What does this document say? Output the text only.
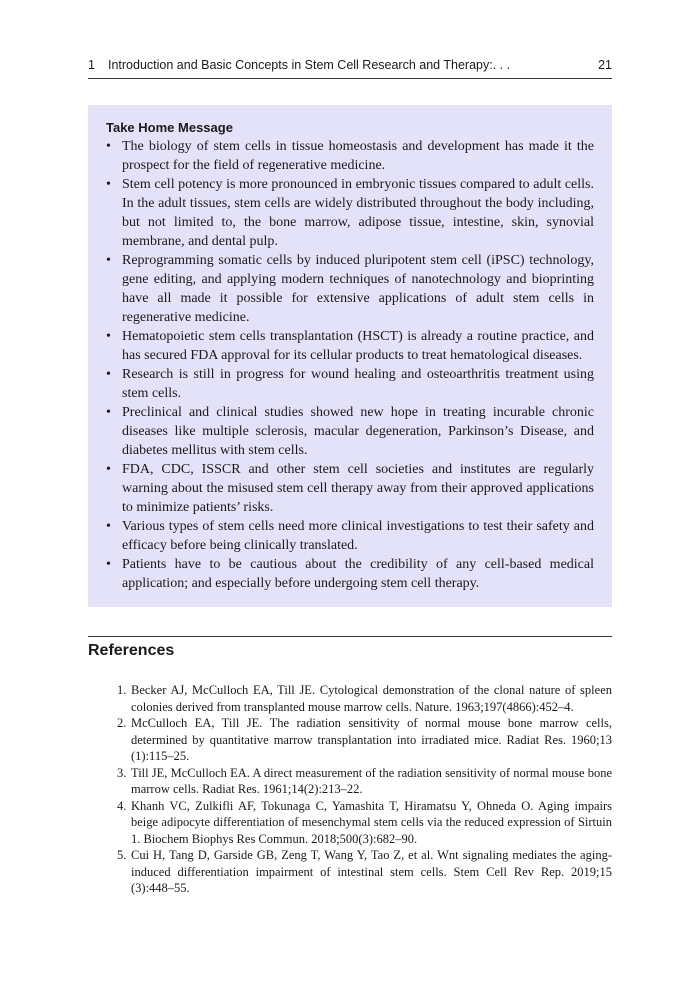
1 Introduction and Basic Concepts in Stem Cell Research and Therapy:. . .	21
Take Home Message
• The biology of stem cells in tissue homeostasis and development has made it the prospect for the field of regenerative medicine.
• Stem cell potency is more pronounced in embryonic tissues compared to adult cells. In the adult tissues, stem cells are widely distributed throughout the body including, but not limited to, the bone marrow, adipose tissue, intestine, skin, synovial membrane, and dental pulp.
• Reprogramming somatic cells by induced pluripotent stem cell (iPSC) technology, gene editing, and applying modern techniques of nanotechnology and bioprinting have all made it possible for extensive applications of adult stem cells in regenerative medicine.
• Hematopoietic stem cells transplantation (HSCT) is already a routine practice, and has secured FDA approval for its cellular products to treat hematological diseases.
• Research is still in progress for wound healing and osteoarthritis treatment using stem cells.
• Preclinical and clinical studies showed new hope in treating incurable chronic diseases like multiple sclerosis, macular degeneration, Parkinson’s Disease, and diabetes mellitus with stem cells.
• FDA, CDC, ISSCR and other stem cell societies and institutes are regularly warning about the misused stem cell therapy away from their approved applications to minimize patients’ risks.
• Various types of stem cells need more clinical investigations to test their safety and efficacy before being clinically translated.
• Patients have to be cautious about the credibility of any cell-based medical application; and especially before undergoing stem cell therapy.
References
1. Becker AJ, McCulloch EA, Till JE. Cytological demonstration of the clonal nature of spleen colonies derived from transplanted mouse marrow cells. Nature. 1963;197(4866):452–4.
2. McCulloch EA, Till JE. The radiation sensitivity of normal mouse bone marrow cells, determined by quantitative marrow transplantation into irradiated mice. Radiat Res. 1960;13 (1):115–25.
3. Till JE, McCulloch EA. A direct measurement of the radiation sensitivity of normal mouse bone marrow cells. Radiat Res. 1961;14(2):213–22.
4. Khanh VC, Zulkifli AF, Tokunaga C, Yamashita T, Hiramatsu Y, Ohneda O. Aging impairs beige adipocyte differentiation of mesenchymal stem cells via the reduced expression of Sirtuin 1. Biochem Biophys Res Commun. 2018;500(3):682–90.
5. Cui H, Tang D, Garside GB, Zeng T, Wang Y, Tao Z, et al. Wnt signaling mediates the aging-induced differentiation impairment of intestinal stem cells. Stem Cell Rev Rep. 2019;15 (3):448–55.
